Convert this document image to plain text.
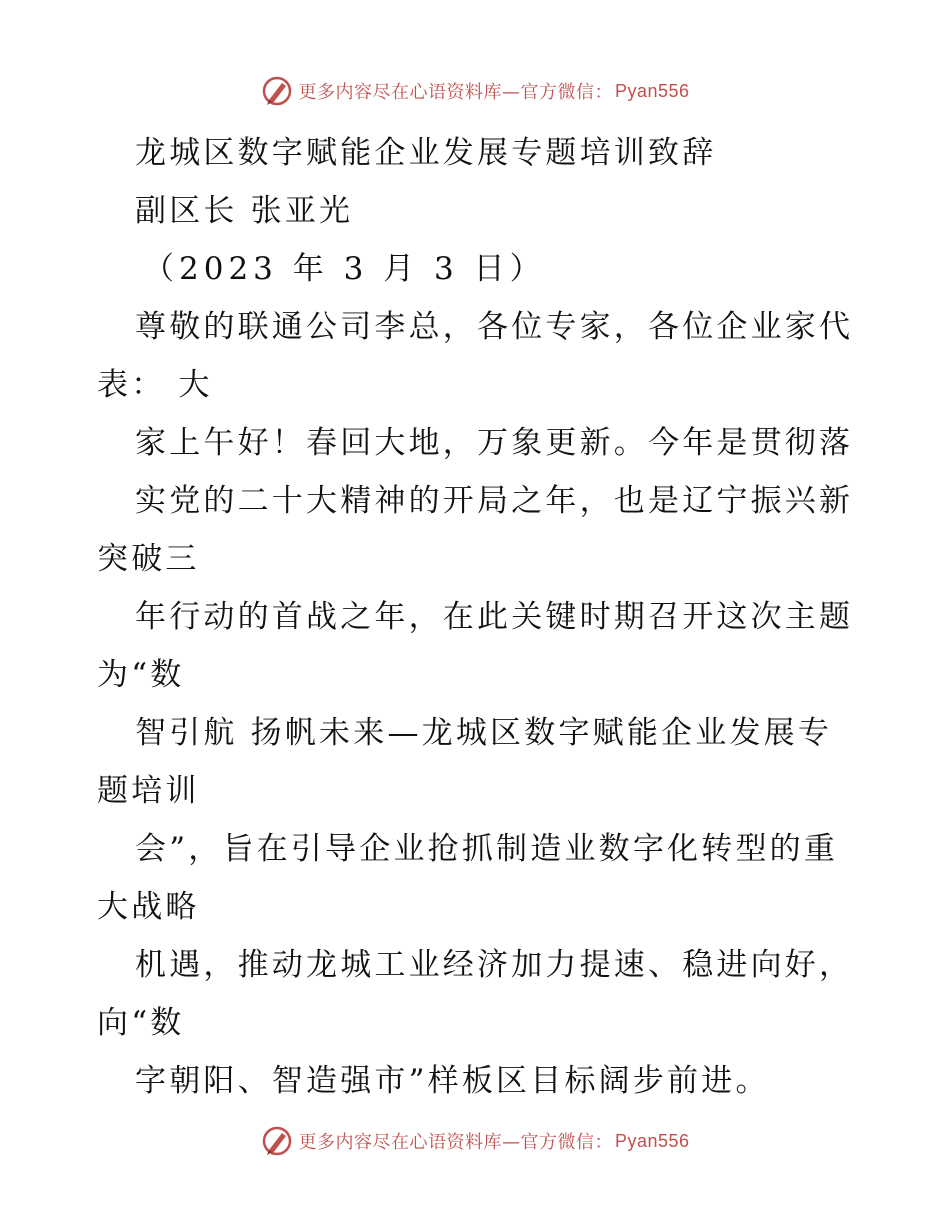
更多内容尽在心语资料库—官方微信： Pyan556
龙城区数字赋能企业发展专题培训致辞
副区长 张亚光
（2023 年 3 月 3 日）
尊敬的联通公司李总，各位专家，各位企业家代
表： 大
家上午好！春回大地，万象更新。今年是贯彻落
实党的二十大精神的开局之年，也是辽宁振兴新
突破三
年行动的首战之年，在此关键时期召开这次主题
为“数
智引航 扬帆未来—龙城区数字赋能企业发展专
题培训
会”，旨在引导企业抢抓制造业数字化转型的重
大战略
机遇，推动龙城工业经济加力提速、稳进向好，
向“数
字朝阳、智造强市”样板区目标阔步前进。
更多内容尽在心语资料库—官方微信： Pyan556
